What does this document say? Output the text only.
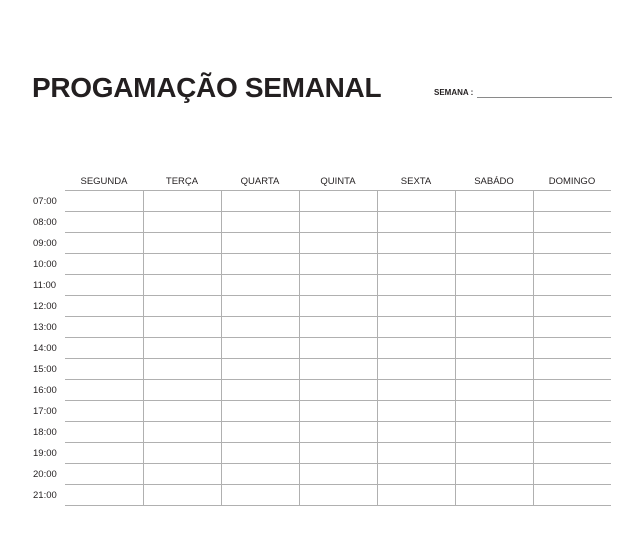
PROGAMAÇÃO SEMANAL	SEMANA :
SEGUNDA	TERÇA	QUARTA	QUINTA	SEXTA	SABÁDO	DOMINGO
07:00
08:00
09:00
10:00
11:00
12:00
13:00
14:00
15:00
16:00
17:00
18:00
19:00
20:00
21:00
